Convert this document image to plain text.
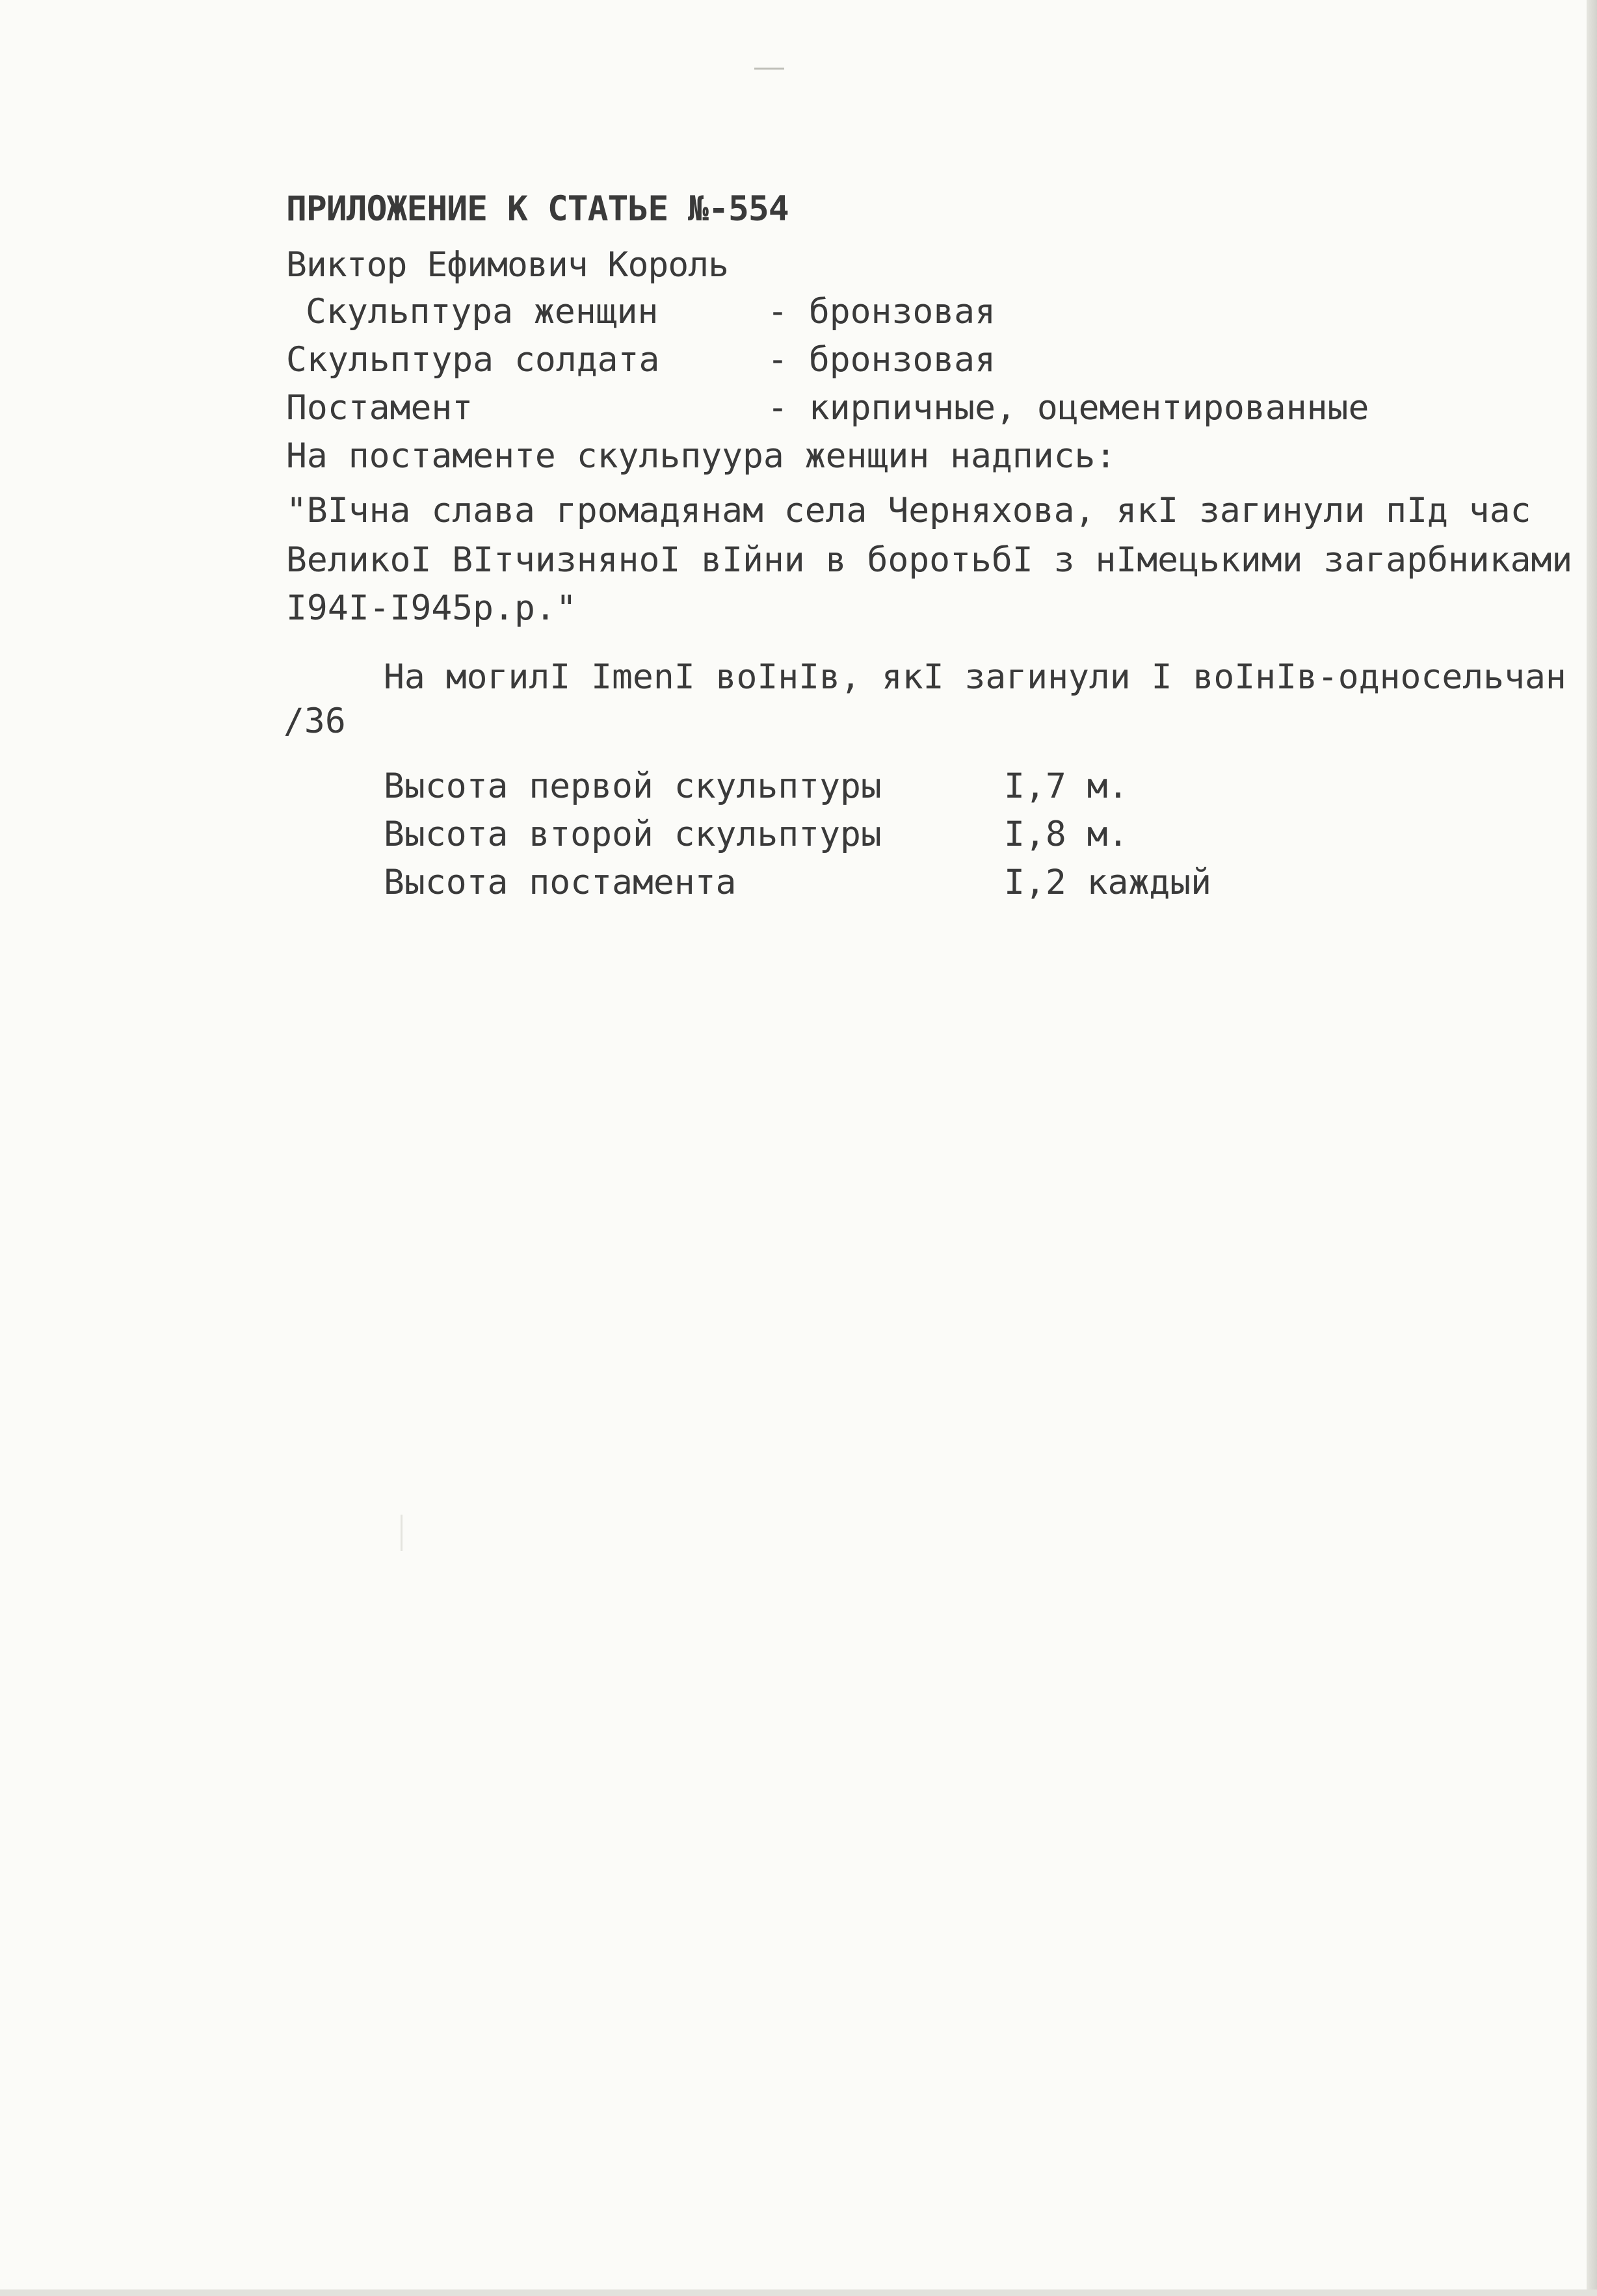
ПРИЛОЖЕНИЕ К СТАТЬЕ №-554

Виктор Ефимович Король

Скульптура женщин	- бронзовая

Скульптура солдата	- бронзовая

Постамент	- кирпичные, оцементированные

На постаменте скульпуура женщин надпись:

"ВIчна слава громадянам села Черняхова, якI загинули пIд час

ВеликоI ВIтчизняноI вIйни в боротьбI з нIмецькими загарбниками

I94I-I945р.р."

На могилI ImenI воIнIв, якI загинули I воIнIв-односельчан

/36

Высота первой скульптуры	I,7 м.

Высота второй скульптуры	I,8 м.

Высота постамента	I,2 каждый
